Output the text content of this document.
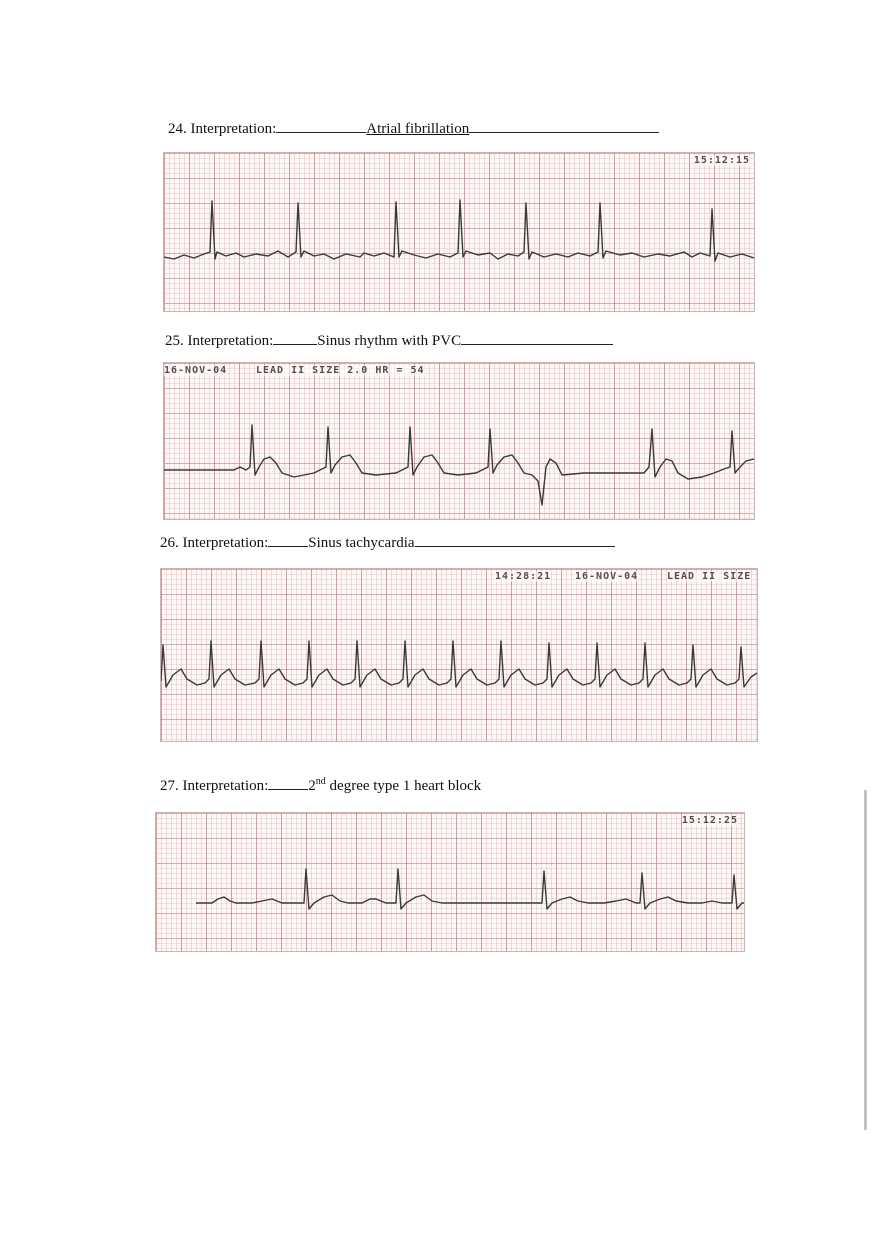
24. Interpretation:	Atrial fibrillation
15:12:15
25. Interpretation:	Sinus rhythm with PVC
16-NOV-04	LEAD II SIZE 2.0 HR = 54
26. Interpretation:	Sinus tachycardia
14:28:21 16-NOV-04	LEAD II SIZE
27. Interpretation:	2nd degree type 1 heart block
15:12:25
